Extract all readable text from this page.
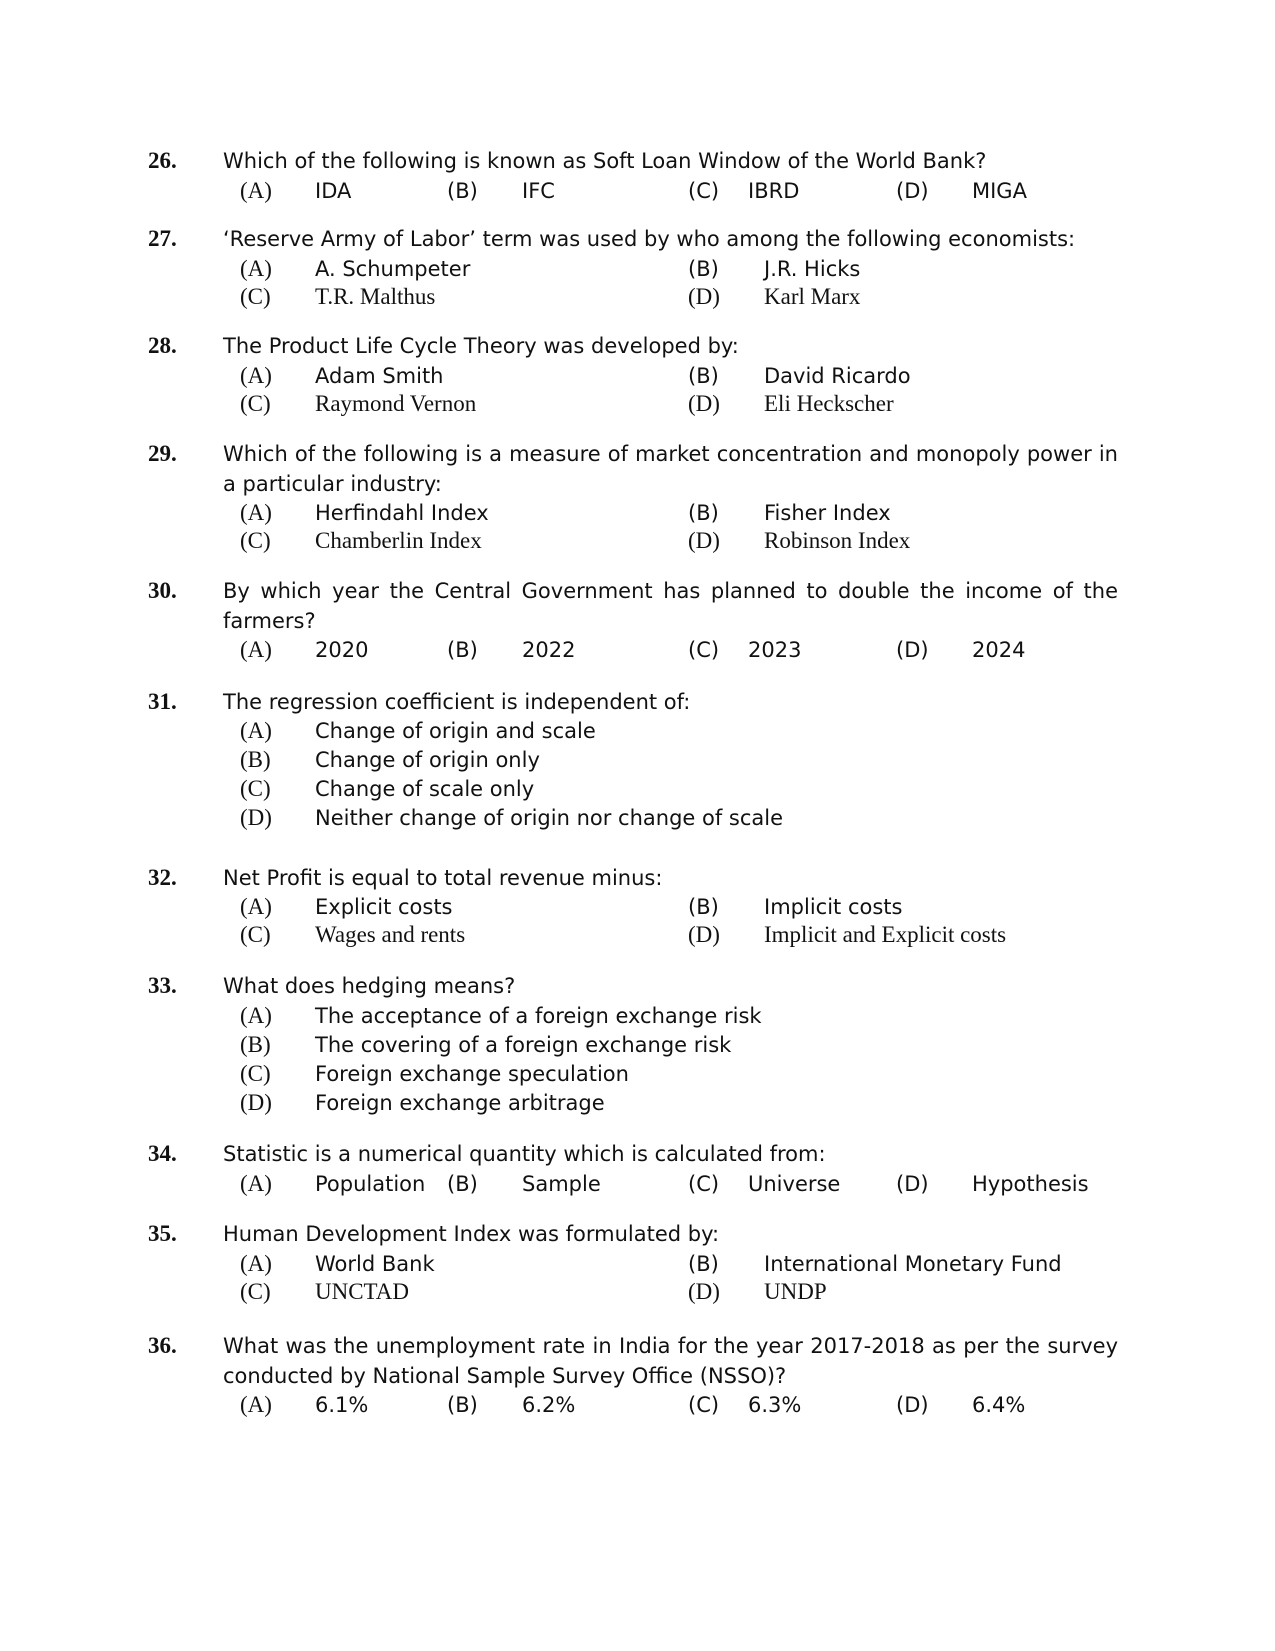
26. Which of the following is known as Soft Loan Window of the World Bank?
(A) IDA	(B) IFC	(C) IBRD	(D) MIGA
27. ‘Reserve Army of Labor’ term was used by who among the following economists:
(A) A. Schumpeter	(B) J.R. Hicks
(C) T.R. Malthus	(D) Karl Marx
28. The Product Life Cycle Theory was developed by:
(A) Adam Smith	(B) David Ricardo
(C) Raymond Vernon	(D) Eli Heckscher
29. Which of the following is a measure of market concentration and monopoly power in a particular industry:
(A) Herfindahl Index	(B) Fisher Index
(C) Chamberlin Index	(D) Robinson Index
30. By which year the Central Government has planned to double the income of the farmers?
(A) 2020	(B) 2022	(C) 2023	(D) 2024
31. The regression coefficient is independent of:
(A) Change of origin and scale
(B) Change of origin only
(C) Change of scale only
(D) Neither change of origin nor change of scale
32. Net Profit is equal to total revenue minus:
(A) Explicit costs	(B) Implicit costs
(C) Wages and rents	(D) Implicit and Explicit costs
33. What does hedging means?
(A) The acceptance of a foreign exchange risk
(B) The covering of a foreign exchange risk
(C) Foreign exchange speculation
(D) Foreign exchange arbitrage
34. Statistic is a numerical quantity which is calculated from:
(A) Population (B) Sample	(C) Universe	(D) Hypothesis
35. Human Development Index was formulated by:
(A) World Bank	(B) International Monetary Fund
(C) UNCTAD	(D) UNDP
36. What was the unemployment rate in India for the year 2017-2018 as per the survey conducted by National Sample Survey Office (NSSO)?
(A) 6.1%	(B) 6.2%	(C) 6.3%	(D) 6.4%
